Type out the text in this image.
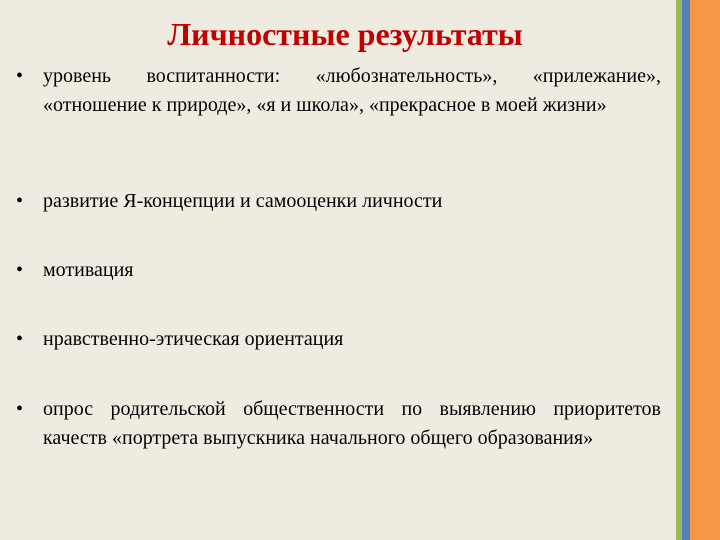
Личностные результаты
• уровень воспитанности: «любознательность», «прилежание», «отношение к природе», «я и школа», «прекрасное в моей жизни»
• развитие Я-концепции и самооценки личности
• мотивация
• нравственно-этическая ориентация
• опрос родительской общественности по выявлению приоритетов качеств «портрета выпускника начального общего образования»
